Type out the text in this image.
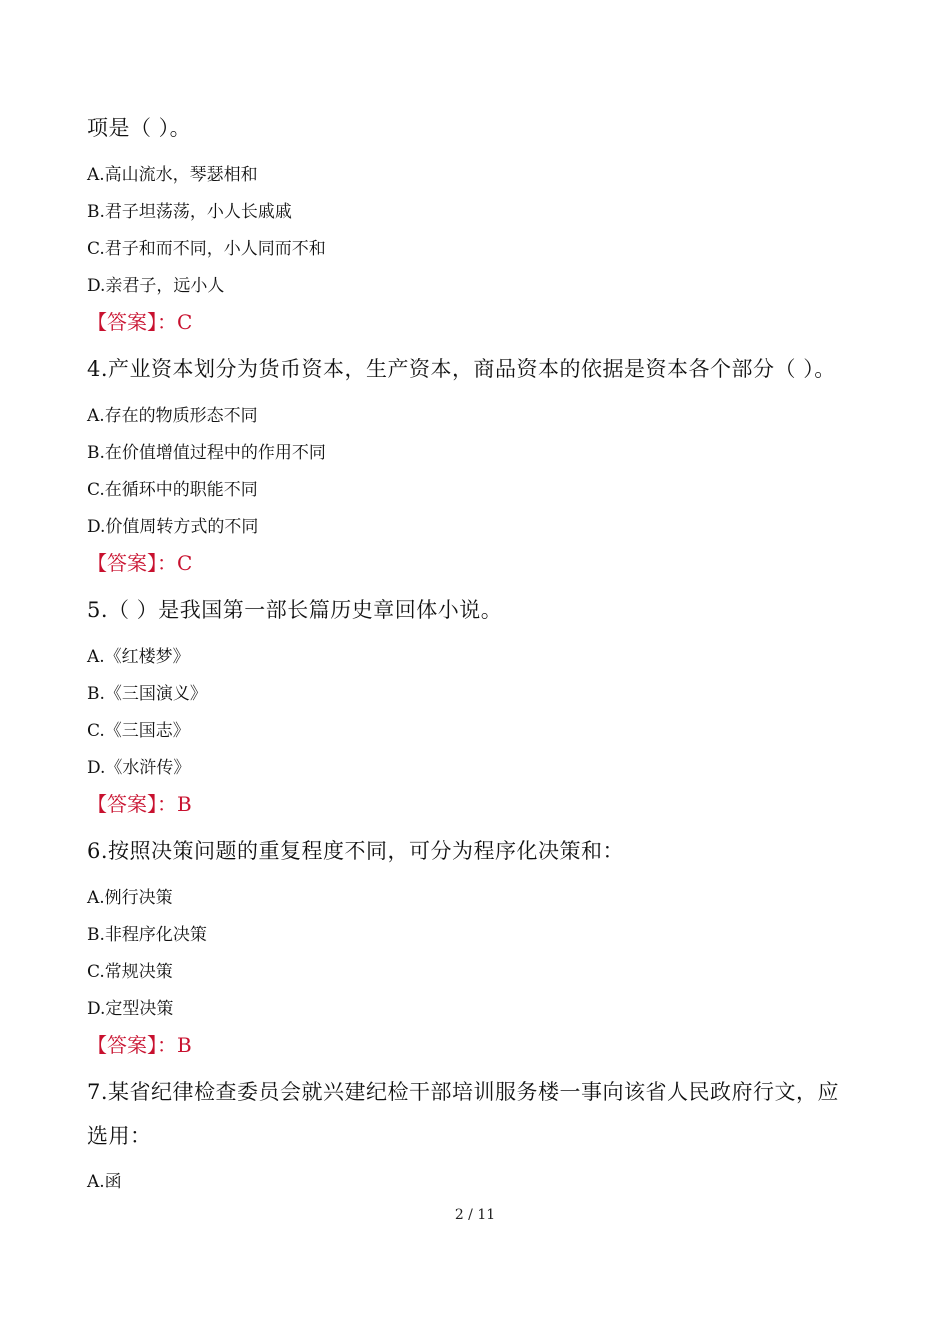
项是（ ）。
A.高山流水，琴瑟相和
B.君子坦荡荡，小人长戚戚
C.君子和而不同，小人同而不和
D.亲君子，远小人
【答案】：C
4.产业资本划分为货币资本，生产资本，商品资本的依据是资本各个部分（ ）。
A.存在的物质形态不同
B.在价值增值过程中的作用不同
C.在循环中的职能不同
D.价值周转方式的不同
【答案】：C
5.（ ）是我国第一部长篇历史章回体小说。
A.《红楼梦》
B.《三国演义》
C.《三国志》
D.《水浒传》
【答案】：B
6.按照决策问题的重复程度不同，可分为程序化决策和：
A.例行决策
B.非程序化决策
C.常规决策
D.定型决策
【答案】：B
7.某省纪律检查委员会就兴建纪检干部培训服务楼一事向该省人民政府行文，应
选用：
A.函
2 / 11
